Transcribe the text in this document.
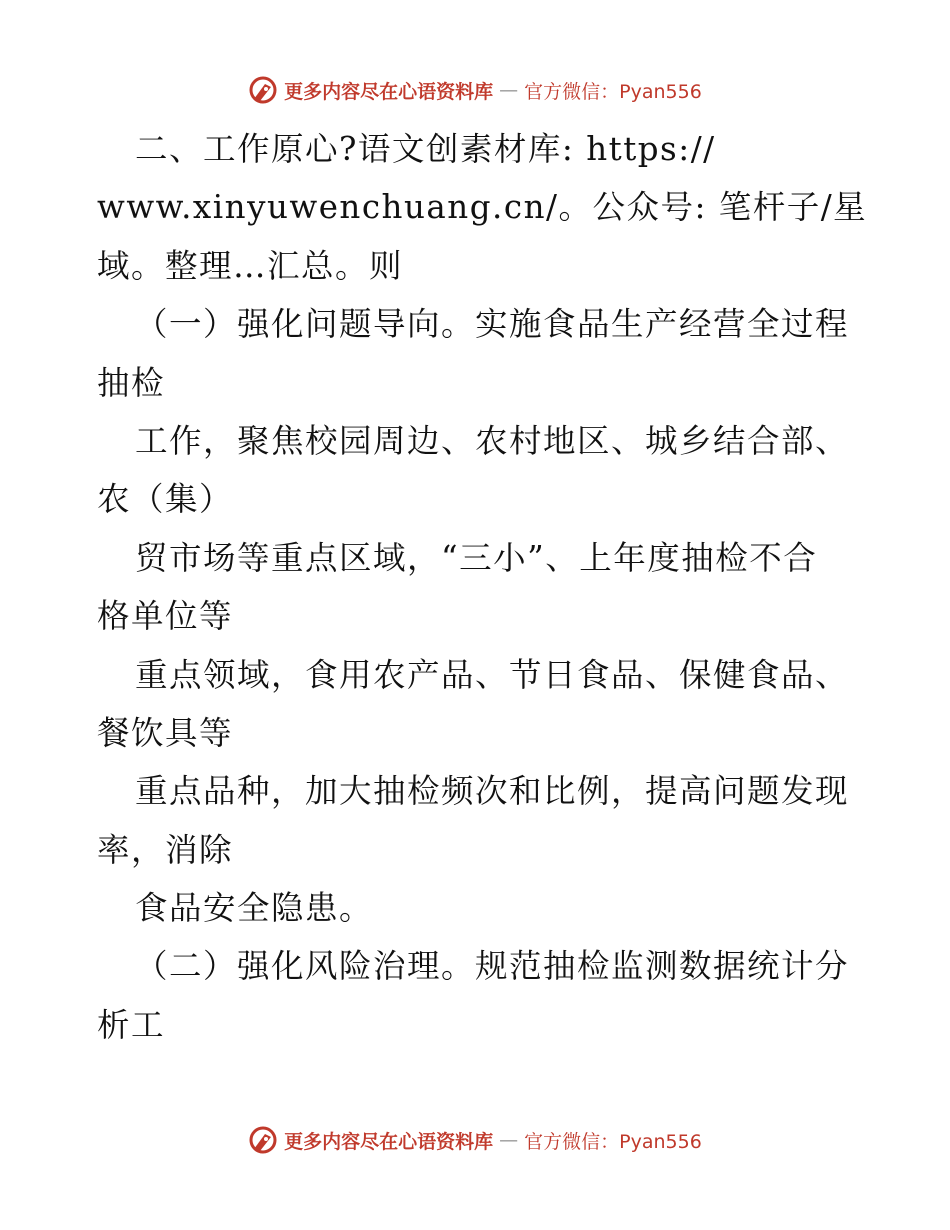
更多内容尽在心语资料库 — 官方微信：Pyan556
二、工作原心?语文创素材库: https://
www.xinyuwenchuang.cn/。公众号: 笔杆子/星
域。整理…汇总。则
（一）强化问题导向。实施食品生产经营全过程
抽检
工作，聚焦校园周边、农村地区、城乡结合部、
农（集）
贸市场等重点区域，“三小”、上年度抽检不合
格单位等
重点领域，食用农产品、节日食品、保健食品、
餐饮具等
重点品种，加大抽检频次和比例，提高问题发现
率，消除
食品安全隐患。
（二）强化风险治理。规范抽检监测数据统计分
析工
更多内容尽在心语资料库 — 官方微信：Pyan556
